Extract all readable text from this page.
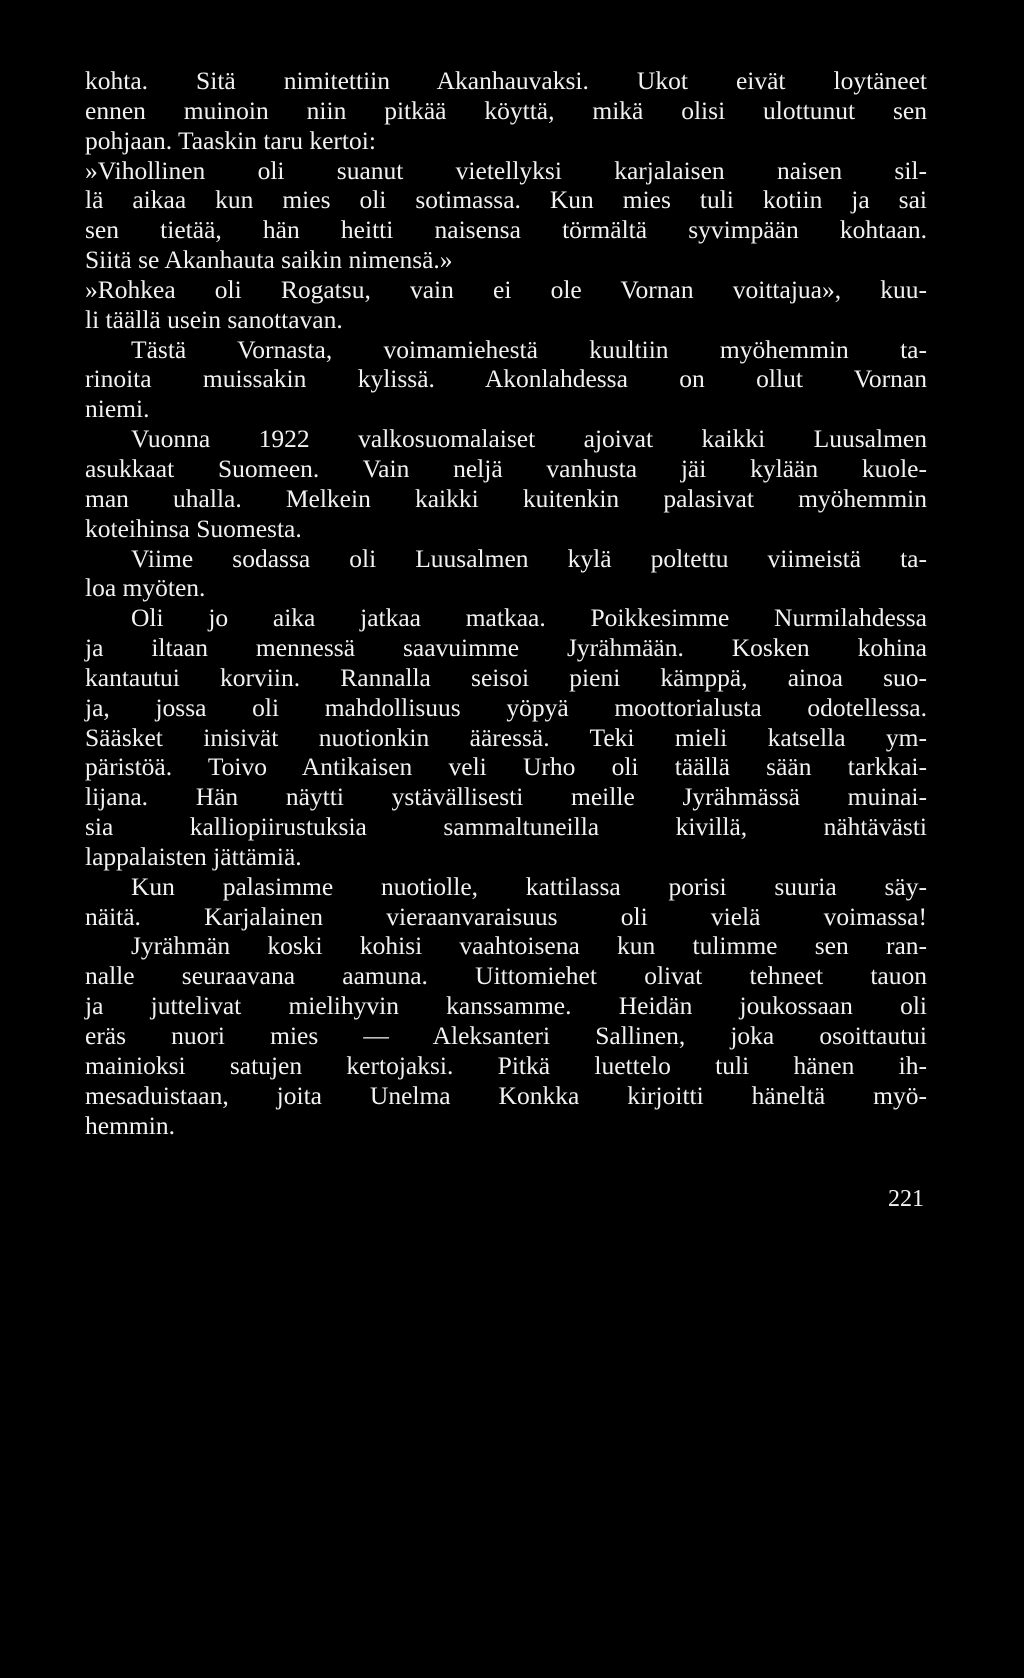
kohta. Sitä nimitettiin Akanhauvaksi. Ukot eivät loytäneet
ennen muinoin niin pitkää köyttä, mikä olisi ulottunut sen
pohjaan. Taaskin taru kertoi:
»Vihollinen oli suanut vietellyksi karjalaisen naisen sil-
lä aikaa kun mies oli sotimassa. Kun mies tuli kotiin ja sai
sen tietää, hän heitti naisensa törmältä syvimpään kohtaan.
Siitä se Akanhauta saikin nimensä.»
»Rohkea oli Rogatsu, vain ei ole Vornan voittajua», kuu-
li täällä usein sanottavan.
Tästä Vornasta, voimamiehestä kuultiin myöhemmin ta-
rinoita muissakin kylissä. Akonlahdessa on ollut Vornan
niemi.
Vuonna 1922 valkosuomalaiset ajoivat kaikki Luusalmen
asukkaat Suomeen. Vain neljä vanhusta jäi kylään kuole-
man uhalla. Melkein kaikki kuitenkin palasivat myöhemmin
koteihinsa Suomesta.
Viime sodassa oli Luusalmen kylä poltettu viimeistä ta-
loa myöten.
Oli jo aika jatkaa matkaa. Poikkesimme Nurmilahdessa
ja iltaan mennessä saavuimme Jyrähmään. Kosken kohina
kantautui korviin. Rannalla seisoi pieni kämppä, ainoa suo-
ja, jossa oli mahdollisuus yöpyä moottorialusta odotellessa.
Sääsket inisivät nuotionkin ääressä. Teki mieli katsella ym-
päristöä. Toivo Antikaisen veli Urho oli täällä sään tarkkai-
lijana. Hän näytti ystävällisesti meille Jyrähmässä muinai-
sia kalliopiirustuksia sammaltuneilla kivillä, nähtävästi
lappalaisten jättämiä.
Kun palasimme nuotiolle, kattilassa porisi suuria säy-
näitä. Karjalainen vieraanvaraisuus oli vielä voimassa!
Jyrähmän koski kohisi vaahtoisena kun tulimme sen ran-
nalle seuraavana aamuna. Uittomiehet olivat tehneet tauon
ja juttelivat mielihyvin kanssamme. Heidän joukossaan oli
eräs nuori mies — Aleksanteri Sallinen, joka osoittautui
mainioksi satujen kertojaksi. Pitkä luettelo tuli hänen ih-
mesaduistaan, joita Unelma Konkka kirjoitti häneltä myö-
hemmin.
221
